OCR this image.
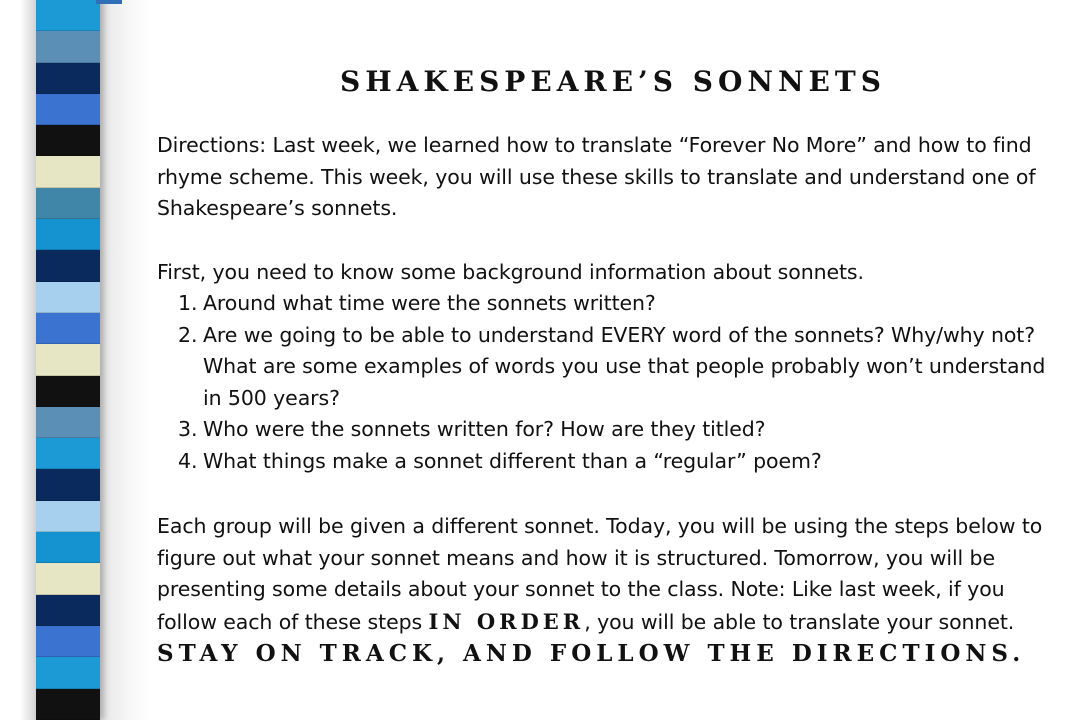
SHAKESPEARE’S SONNETS

Directions: Last week, we learned how to translate “Forever No More” and how to find rhyme scheme. This week, you will use these skills to translate and understand one of Shakespeare’s sonnets.

First, you need to know some background information about sonnets.

1. Around what time were the sonnets written?
2. Are we going to be able to understand EVERY word of the sonnets? Why/why not? What are some examples of words you use that people probably won’t understand in 500 years?
3. Who were the sonnets written for? How are they titled?
4. What things make a sonnet different than a “regular” poem?

Each group will be given a different sonnet. Today, you will be using the steps below to figure out what your sonnet means and how it is structured. Tomorrow, you will be presenting some details about your sonnet to the class. Note: Like last week, if you follow each of these steps IN ORDER, you will be able to translate your sonnet. STAY ON TRACK, AND FOLLOW THE DIRECTIONS.
